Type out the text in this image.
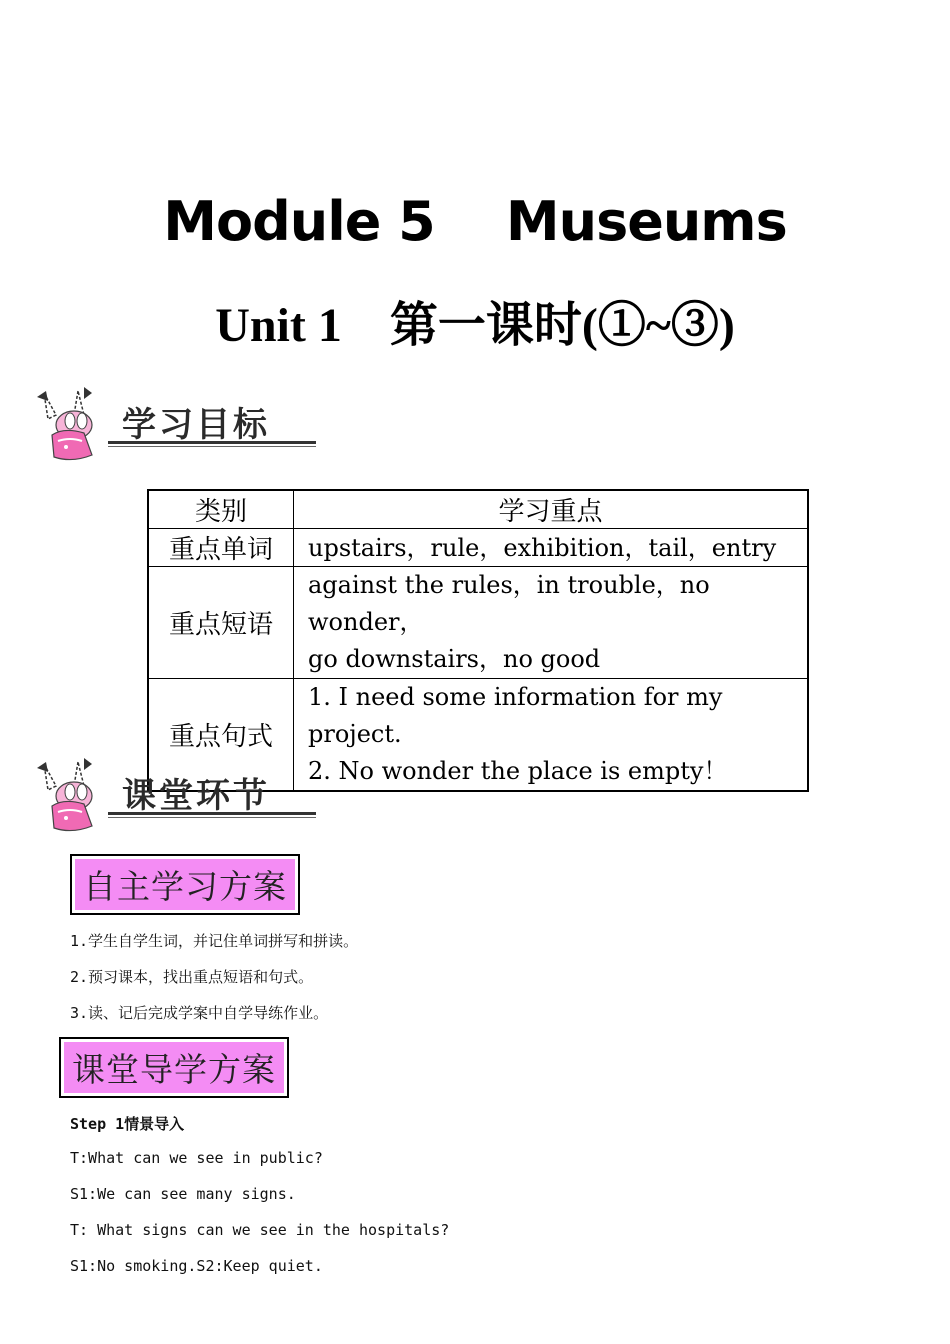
Module 5    Museums
Unit 1    第一课时(①~③)
学习目标
类别	学习重点
重点单词	upstairs，rule，exhibition，tail，entry

重点短语	against the rules，in trouble，no wonder，
go downstairs，no good

重点句式	1. I need some information for my project.
2. No wonder the place is empty！
课堂环节
自主学习方案
1.学生自学生词，并记住单词拼写和拼读。
2.预习课本，找出重点短语和句式。
3.读、记后完成学案中自学导练作业。
课堂导学方案
Step 1情景导入
T:What can we see in public?
S1:We can see many signs.
T: What signs can we see in the hospitals?
S1:No smoking.S2:Keep quiet.
